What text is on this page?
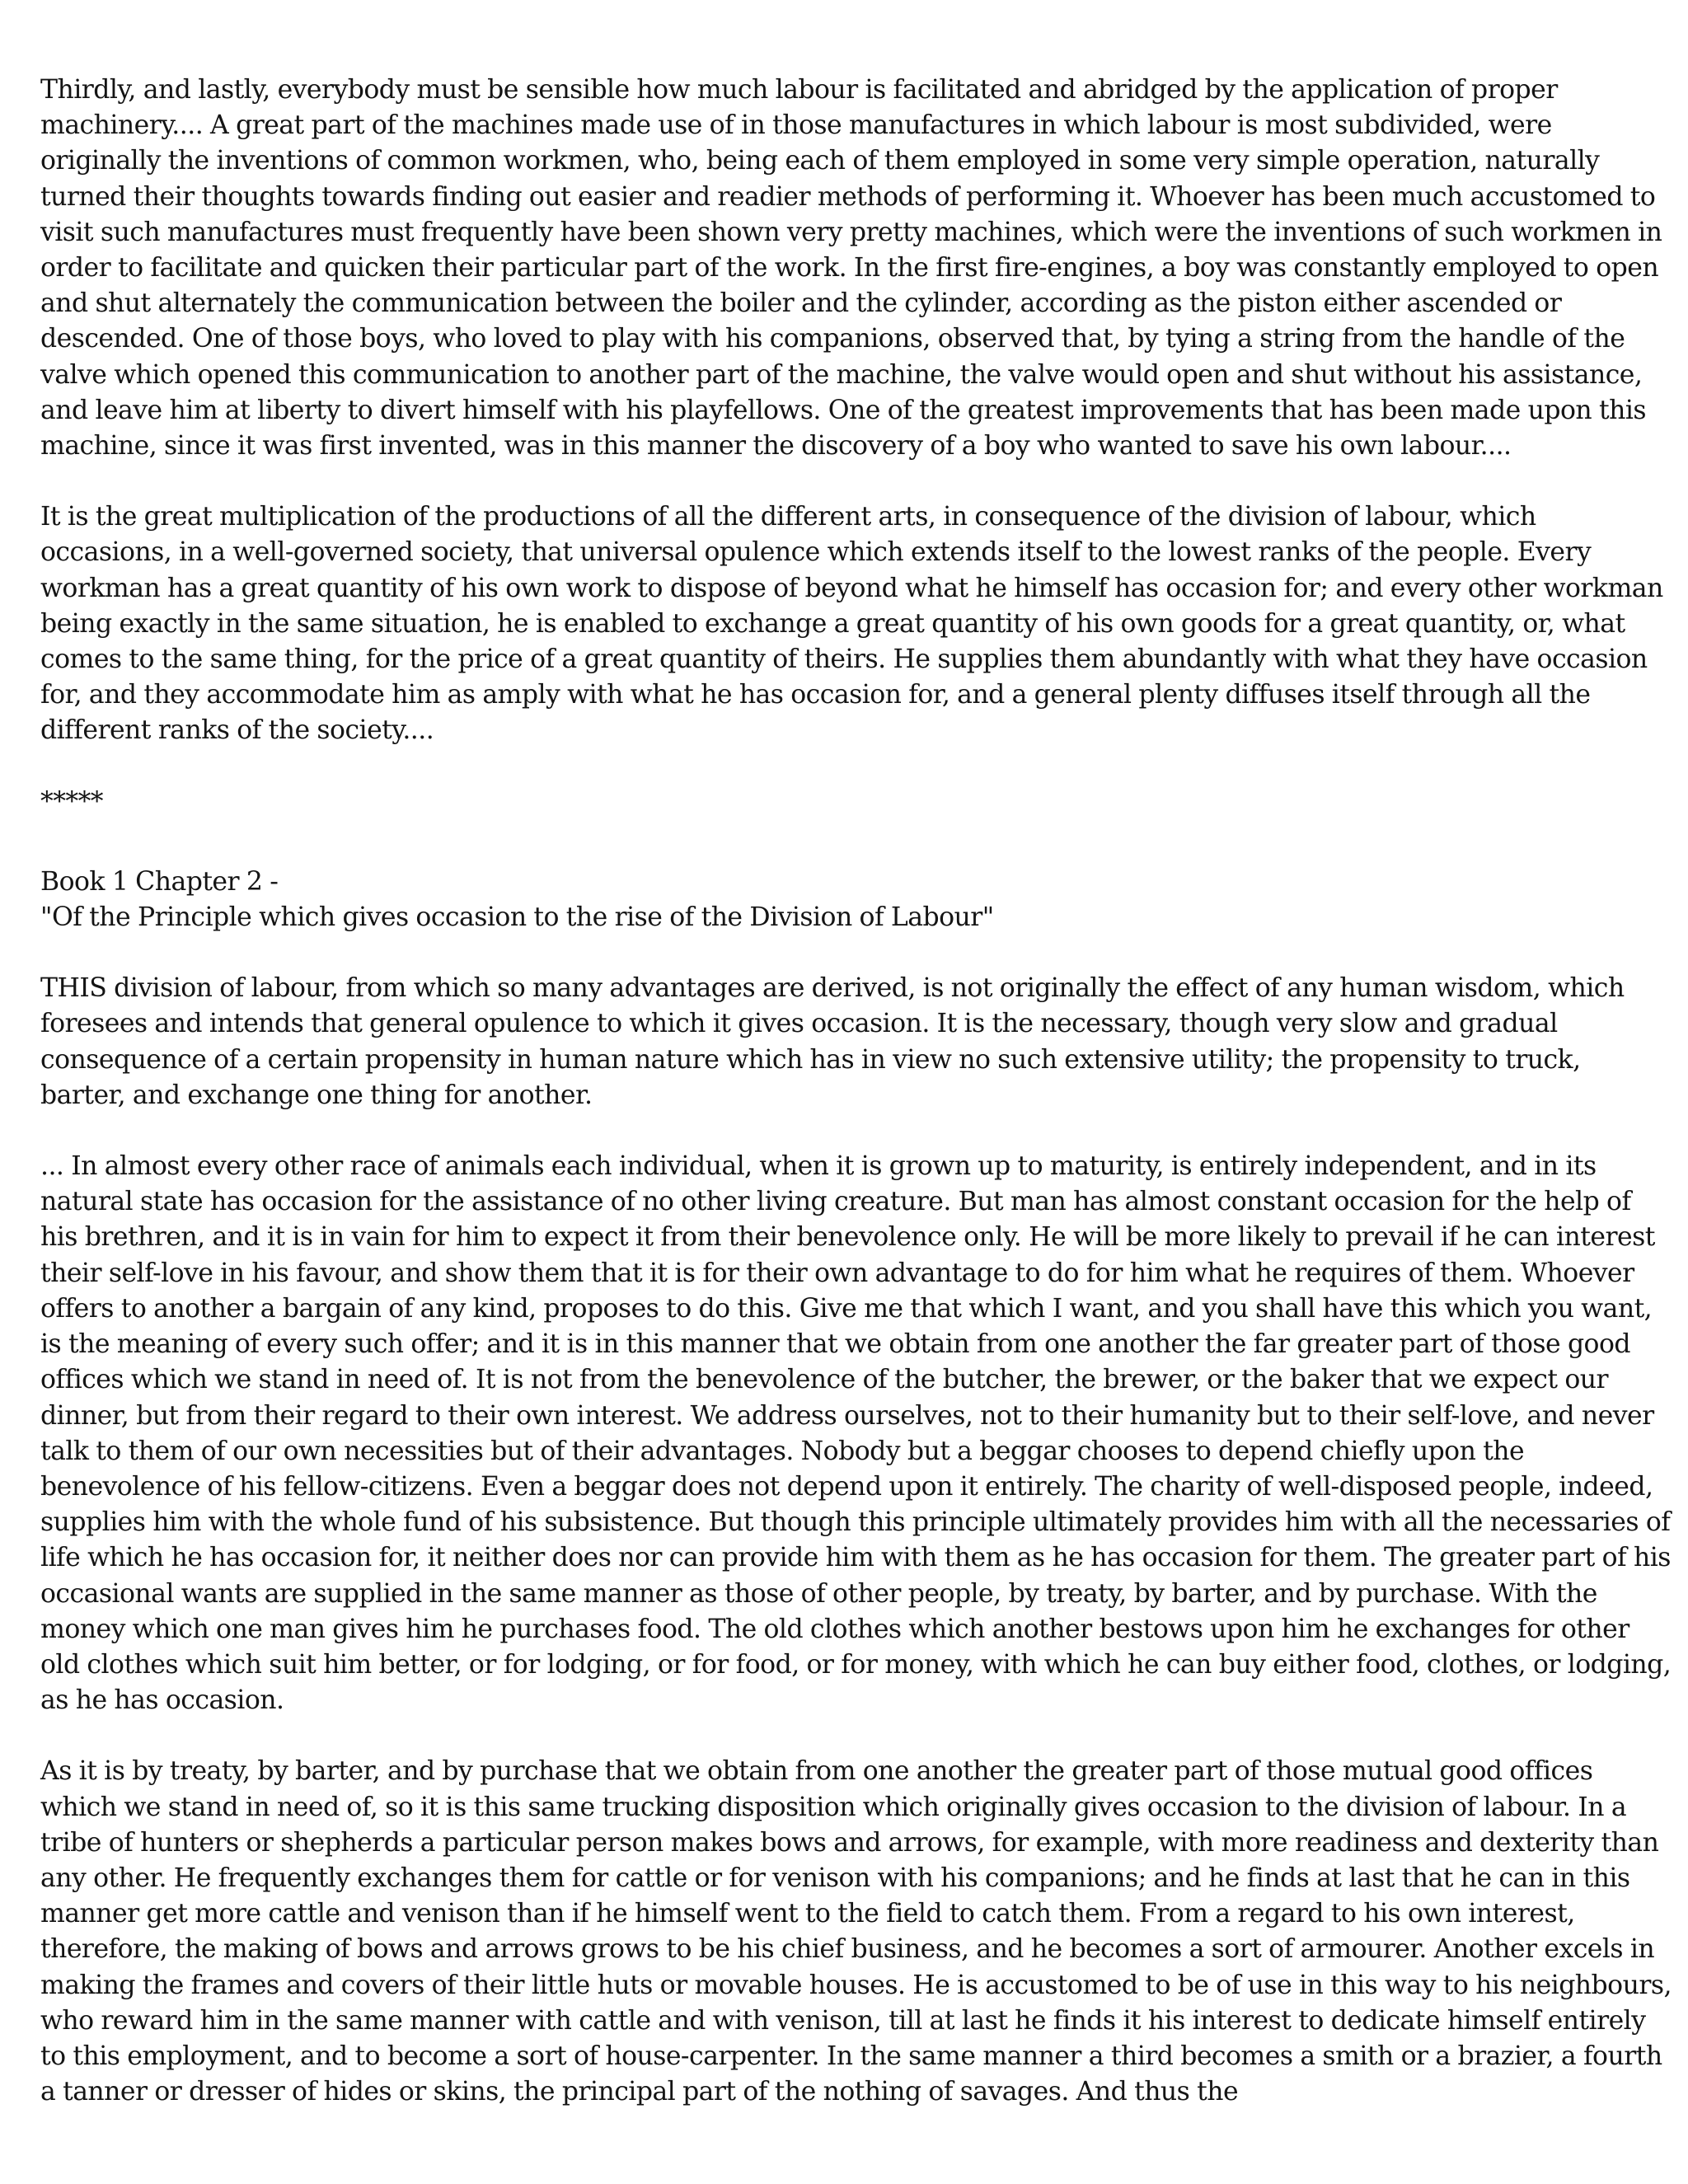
Thirdly, and lastly, everybody must be sensible how much labour is facilitated and abridged by the application of proper machinery.... A great part of the machines made use of in those manufactures in which labour is most subdivided, were originally the inventions of common workmen, who, being each of them employed in some very simple operation, naturally turned their thoughts towards finding out easier and readier methods of performing it. Whoever has been much accustomed to visit such manufactures must frequently have been shown very pretty machines, which were the inventions of such workmen in order to facilitate and quicken their particular part of the work. In the first fire-engines, a boy was constantly employed to open and shut alternately the communication between the boiler and the cylinder, according as the piston either ascended or descended. One of those boys, who loved to play with his companions, observed that, by tying a string from the handle of the valve which opened this communication to another part of the machine, the valve would open and shut without his assistance, and leave him at liberty to divert himself with his playfellows. One of the greatest improvements that has been made upon this machine, since it was first invented, was in this manner the discovery of a boy who wanted to save his own labour....

It is the great multiplication of the productions of all the different arts, in consequence of the division of labour, which occasions, in a well-governed society, that universal opulence which extends itself to the lowest ranks of the people. Every workman has a great quantity of his own work to dispose of beyond what he himself has occasion for; and every other workman being exactly in the same situation, he is enabled to exchange a great quantity of his own goods for a great quantity, or, what comes to the same thing, for the price of a great quantity of theirs. He supplies them abundantly with what they have occasion for, and they accommodate him as amply with what he has occasion for, and a general plenty diffuses itself through all the different ranks of the society....

*****
Book 1 Chapter 2 -
"Of the Principle which gives occasion to the rise of the Division of Labour"

THIS division of labour, from which so many advantages are derived, is not originally the effect of any human wisdom, which foresees and intends that general opulence to which it gives occasion. It is the necessary, though very slow and gradual consequence of a certain propensity in human nature which has in view no such extensive utility; the propensity to truck, barter, and exchange one thing for another.

... In almost every other race of animals each individual, when it is grown up to maturity, is entirely independent, and in its natural state has occasion for the assistance of no other living creature. But man has almost constant occasion for the help of his brethren, and it is in vain for him to expect it from their benevolence only. He will be more likely to prevail if he can interest their self-love in his favour, and show them that it is for their own advantage to do for him what he requires of them. Whoever offers to another a bargain of any kind, proposes to do this. Give me that which I want, and you shall have this which you want, is the meaning of every such offer; and it is in this manner that we obtain from one another the far greater part of those good offices which we stand in need of. It is not from the benevolence of the butcher, the brewer, or the baker that we expect our dinner, but from their regard to their own interest. We address ourselves, not to their humanity but to their self-love, and never talk to them of our own necessities but of their advantages. Nobody but a beggar chooses to depend chiefly upon the benevolence of his fellow-citizens. Even a beggar does not depend upon it entirely. The charity of well-disposed people, indeed, supplies him with the whole fund of his subsistence. But though this principle ultimately provides him with all the necessaries of life which he has occasion for, it neither does nor can provide him with them as he has occasion for them. The greater part of his occasional wants are supplied in the same manner as those of other people, by treaty, by barter, and by purchase. With the money which one man gives him he purchases food. The old clothes which another bestows upon him he exchanges for other old clothes which suit him better, or for lodging, or for food, or for money, with which he can buy either food, clothes, or lodging, as he has occasion.

As it is by treaty, by barter, and by purchase that we obtain from one another the greater part of those mutual good offices which we stand in need of, so it is this same trucking disposition which originally gives occasion to the division of labour. In a tribe of hunters or shepherds a particular person makes bows and arrows, for example, with more readiness and dexterity than any other. He frequently exchanges them for cattle or for venison with his companions; and he finds at last that he can in this manner get more cattle and venison than if he himself went to the field to catch them. From a regard to his own interest, therefore, the making of bows and arrows grows to be his chief business, and he becomes a sort of armourer. Another excels in making the frames and covers of their little huts or movable houses. He is accustomed to be of use in this way to his neighbours, who reward him in the same manner with cattle and with venison, till at last he finds it his interest to dedicate himself entirely to this employment, and to become a sort of house-carpenter. In the same manner a third becomes a smith or a brazier, a fourth a tanner or dresser of hides or skins, the principal part of the nothing of savages. And thus the
